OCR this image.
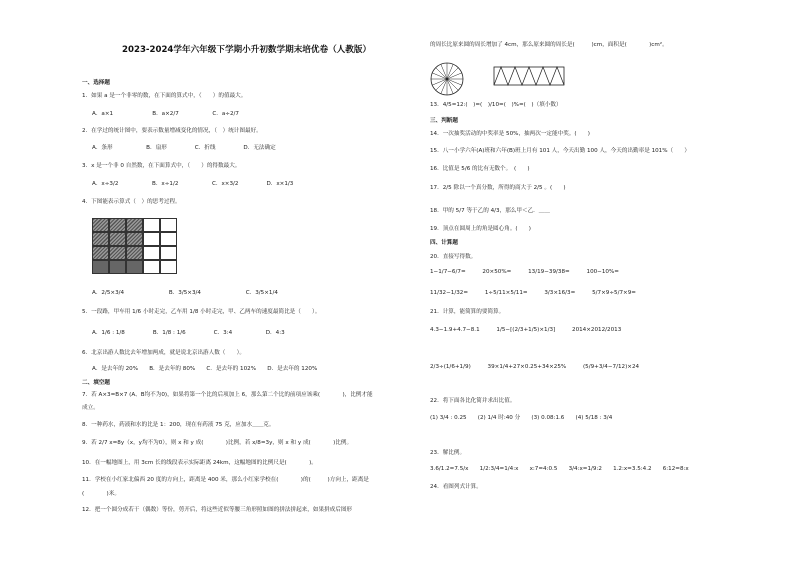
2023-2024学年六年级下学期小升初数学期末培优卷（人教版）
一、选择题
1．如果 a 是一个非零的数，在下面的算式中，（　　）的值最大。
A．a×1　　　　　　　B．a×2/7　　　　　　C．a÷2/7
2．在学过的统计图中，要表示数量增减变化的情况，（　）统计图最好。
A．条形　　　　　　B．扇形　　　　　C．折线　　　　　D．无法确定
3．x 是一个非 0 自然数，在下面算式中，（　　）的得数最大。
A．x÷3/2　　　　　　B．x÷1/2　　　　　　C．x×3/2　　　　　D．x×1/3
4．下图能表示算式（　）的思考过程。
A．2/5×3/4　　　　　　　　B．3/5×3/4　　　　　　　　C．3/5×1/4
5．一段路，甲车用 1/6 小时走完，乙车用 1/8 小时走完，甲、乙两车的速度最简比是（　　）。
A．1/6 : 1/8　　　　　B．1/8 : 1/6　　　　　C．3:4　　　　　　D．4:3
6．北京出游人数比去年增加两成，就是说北京出游人数（　　）。
A．是去年的 20%　　B．是去年的 80%　　C．是去年的 102%　　D．是去年的 120%
二、填空题
7．若 A×3=B×7 (A、B均不为0)，如果将第一个比的后项加上 6，那么第二个比的前项应该乘(　　　　)，比例才能
成立。
8．一种药水，药液和水的比是 1：200，现在有药液 75 克，应加水＿＿克。
9．若 2/7 x=8y（x，y均不为0），则 x 和 y 成(　　　　)比例，若 x/8=3y，则 x 和 y 成(　　　　)比例。
10．在一幅地图上，用 3cm 长的线段表示实际距离 24km，这幅地图的比例尺是(　　　　)。
11．学校在小红家北偏西 20 度的方向上，距离是 400 米，那么小红家学校在(　　　　)的(　　　)方向上，距离是
(　　　　)米。
12．把一个圆分成若干（偶数）等份，剪开后，将这些近似等腰三角形照如图的拼法拼起来，如果拼成后图形
的周长比原来圆的周长增加了 4cm，那么原来圆的周长是(　　　)cm，面积是(　　　　)cm²。
13．4/5=12:(　)=(　)/10=(　)%=(　)（填小数）
三、判断题
14．一次抽奖活动的中奖率是 50%，抽两次一定能中奖。(　　)
15．八一小学六年(A)班和六年(B)班上月有 101 人，今天出勤 100 人，今天的出勤率是 101%（　　）
16．比值是 5/6 的比有无数个。　(　　)
17．2/5 除以一个真分数，所得的商大于 2/5 。(　　)
18．甲的 5/7 等于乙的 4/3，那么甲＜乙．＿＿
19．顶点在圆周上的角是圆心角。(　　)
四、计算题
20．直接写得数。
1−1/7−6/7=　　　20×50%=　　　13/19−39/38=　　　100−10%=
11/32−1/32=　　　1÷5/11×5/11=　　　3/3×16/3=　　　5/7×9÷5/7×9=
21．计算，能简算的要简算。
4.3−1.9+4.7−8.1　　　1/5−[(2/3+1/5)×1/3]　　　2014×2012/2013
2/3÷(1/6+1/9)　　　39×1/4+27×0.25+34×25%　　　(5/9+3/4−7/12)×24
22．将下面各比化简并求出比值。
(1) 3/4 : 0.25　　(2) 1/4 时:40 分　　(3) 0.08:1.6　　(4) 5/18 : 3/4
23．解比例。
3.6/1.2=7.5/x　　1/2:3/4=1/4:x　　x:7=4:0.5　　3/4:x=1/9:2　　1.2:x=3.5:4.2　　6:12=8:x
24．看图列式计算。
